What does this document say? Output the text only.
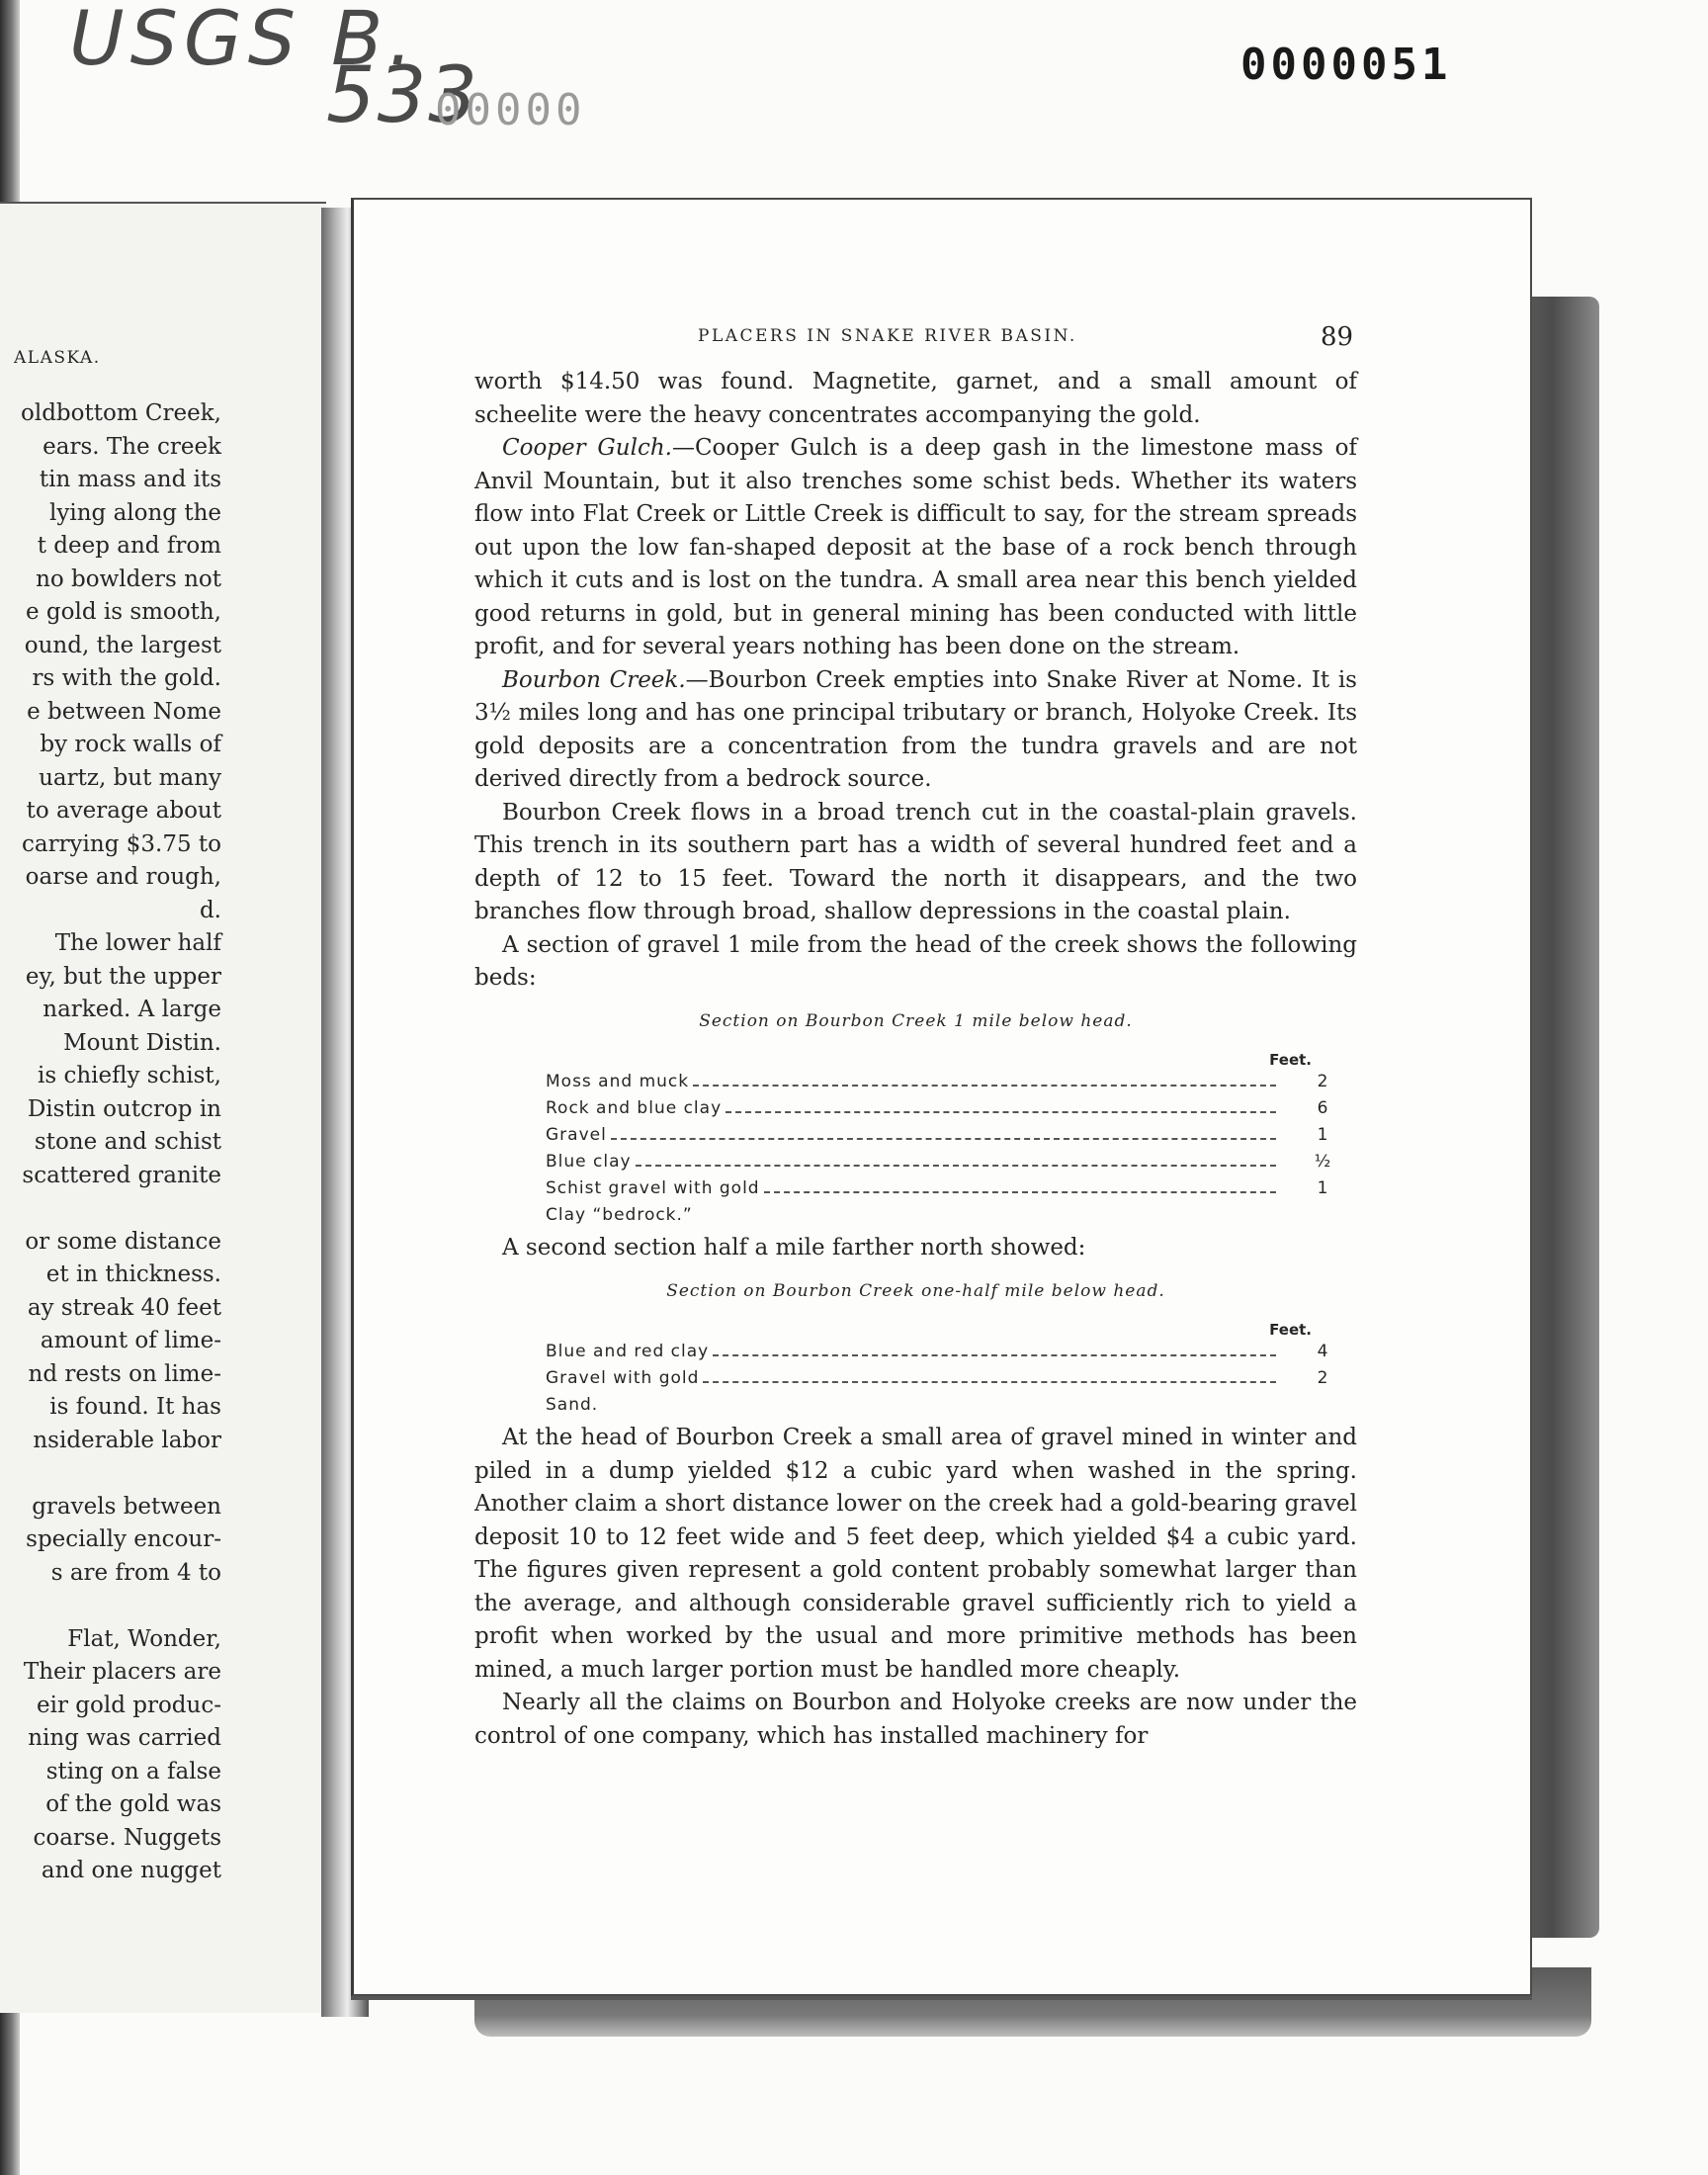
USGS B.
533
00000
0000051
ALASKA.
oldbottom Creek,
ears. The creek
tin mass and its
lying along the
t deep and from
no bowlders not
e gold is smooth,
ound, the largest
rs with the gold.
e between Nome
by rock walls of
uartz, but many
to average about
carrying $3.75 to
oarse and rough,
d.
The lower half
ey, but the upper
narked. A large
Mount Distin.
is chiefly schist,
Distin outcrop in
stone and schist
scattered granite
or some distance
et in thickness.
ay streak 40 feet
amount of lime-
nd rests on lime-
is found. It has
nsiderable labor
gravels between
specially encour-
s are from 4 to
Flat, Wonder,
Their placers are
eir gold produc-
ning was carried
sting on a false
of the gold was
coarse. Nuggets
and one nugget
PLACERS IN SNAKE RIVER BASIN.	89

worth $14.50 was found. Magnetite, garnet, and a small amount of scheelite were the heavy concentrates accompanying the gold.

Cooper Gulch.—Cooper Gulch is a deep gash in the limestone mass of Anvil Mountain, but it also trenches some schist beds. Whether its waters flow into Flat Creek or Little Creek is difficult to say, for the stream spreads out upon the low fan-shaped deposit at the base of a rock bench through which it cuts and is lost on the tundra. A small area near this bench yielded good returns in gold, but in general mining has been conducted with little profit, and for several years nothing has been done on the stream.

Bourbon Creek.—Bourbon Creek empties into Snake River at Nome. It is 3½ miles long and has one principal tributary or branch, Holyoke Creek. Its gold deposits are a concentration from the tundra gravels and are not derived directly from a bedrock source.

Bourbon Creek flows in a broad trench cut in the coastal-plain gravels. This trench in its southern part has a width of several hundred feet and a depth of 12 to 15 feet. Toward the north it disappears, and the two branches flow through broad, shallow depressions in the coastal plain.

A section of gravel 1 mile from the head of the creek shows the following beds:

Section on Bourbon Creek 1 mile below head.
Feet.
Moss and muck	2
Rock and blue clay	6
Gravel	1
Blue clay	½
Schist gravel with gold	1
Clay “bedrock.”

A second section half a mile farther north showed:

Section on Bourbon Creek one-half mile below head.
Feet.
Blue and red clay	4
Gravel with gold	2
Sand.

At the head of Bourbon Creek a small area of gravel mined in winter and piled in a dump yielded $12 a cubic yard when washed in the spring. Another claim a short distance lower on the creek had a gold-bearing gravel deposit 10 to 12 feet wide and 5 feet deep, which yielded $4 a cubic yard. The figures given represent a gold content probably somewhat larger than the average, and although considerable gravel sufficiently rich to yield a profit when worked by the usual and more primitive methods has been mined, a much larger portion must be handled more cheaply.

Nearly all the claims on Bourbon and Holyoke creeks are now under the control of one company, which has installed machinery for
